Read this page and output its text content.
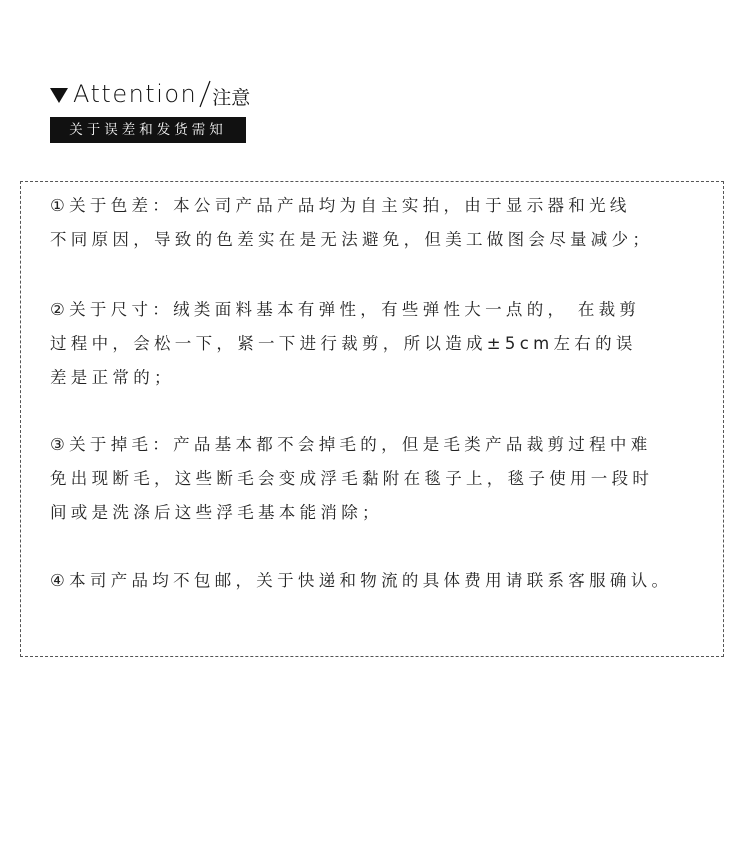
Attention 注意
关于误差和发货需知
①关于色差：本公司产品产品均为自主实拍，由于显示器和光线
不同原因，导致的色差实在是无法避免，但美工做图会尽量减少；
②关于尺寸：绒类面料基本有弹性，有些弹性大一点的， 在裁剪
过程中，会松一下，紧一下进行裁剪，所以造成±5cm左右的误
差是正常的；
③关于掉毛：产品基本都不会掉毛的，但是毛类产品裁剪过程中难
免出现断毛，这些断毛会变成浮毛黏附在毯子上，毯子使用一段时
间或是洗涤后这些浮毛基本能消除；
④本司产品均不包邮，关于快递和物流的具体费用请联系客服确认。
